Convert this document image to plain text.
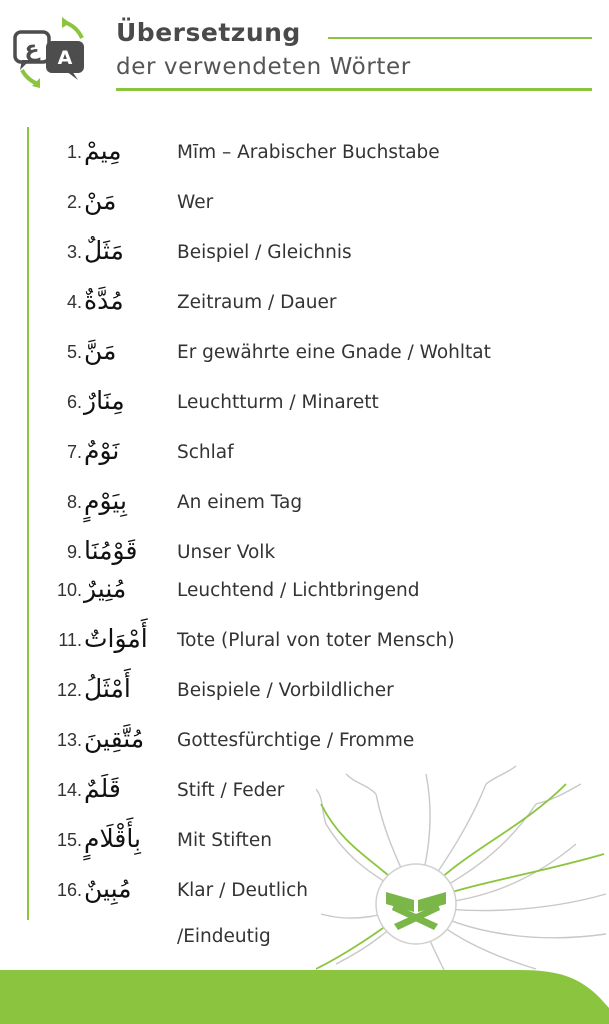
ع A
Übersetzung
der verwendeten Wörter
1. مِيمْ	Mīm – Arabischer Buchstabe
2. مَنْ	Wer
3. مَثَلٌ	Beispiel / Gleichnis
4. مُدَّةٌ	Zeitraum / Dauer
5. مَنَّ	Er gewährte eine Gnade / Wohltat
6. مِنَارٌ	Leuchtturm / Minarett
7. نَوْمٌ	Schlaf
8. بِيَوْمٍ	An einem Tag
9. قَوْمُنَا	Unser Volk
10. مُنِيرٌ	Leuchtend / Lichtbringend
11. أَمْوَاتٌ	Tote (Plural von toter Mensch)
12. أَمْثَلُ	Beispiele / Vorbildlicher
13. مُتَّقِينَ	Gottesfürchtige / Fromme
14. قَلَمٌ	Stift / Feder
15. بِأَقْلَامٍ	Mit Stiften
16. مُبِينٌ	Klar / Deutlich
/Eindeutig
